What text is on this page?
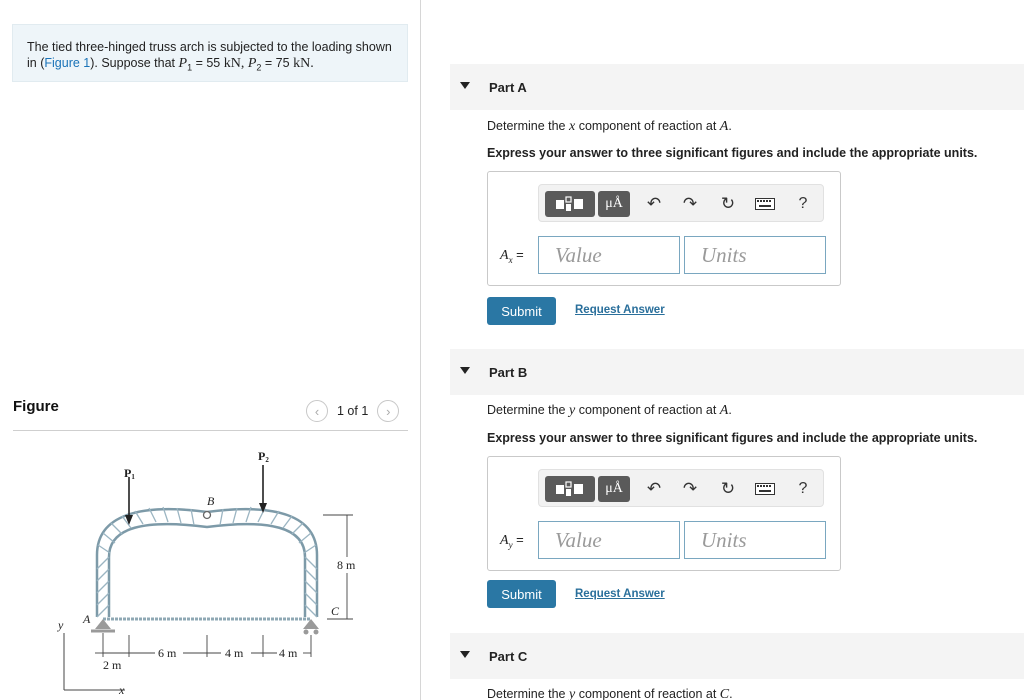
The tied three-hinged truss arch is subjected to the loading shown in (Figure 1). Suppose that $P_1 = 55$ kN, $P_2 = 75$ kN.
Figure	‹ 1 of 1 ›
P1
P2
B
A
C
8 m
2 m
6 m	4 m	4 m
y
x
Part A
Determine the x component of reaction at A.
Express your answer to three significant figures and include the appropriate units.
μÅ ↶ ↷ ↻	?
$A_x$ =	Value	Units
Submit	Request Answer
Part B
Determine the y component of reaction at A.
Express your answer to three significant figures and include the appropriate units.
μÅ ↶ ↷ ↻	?
$A_y$ =	Value	Units
Submit	Request Answer
Part C
Determine the y component of reaction at C.
